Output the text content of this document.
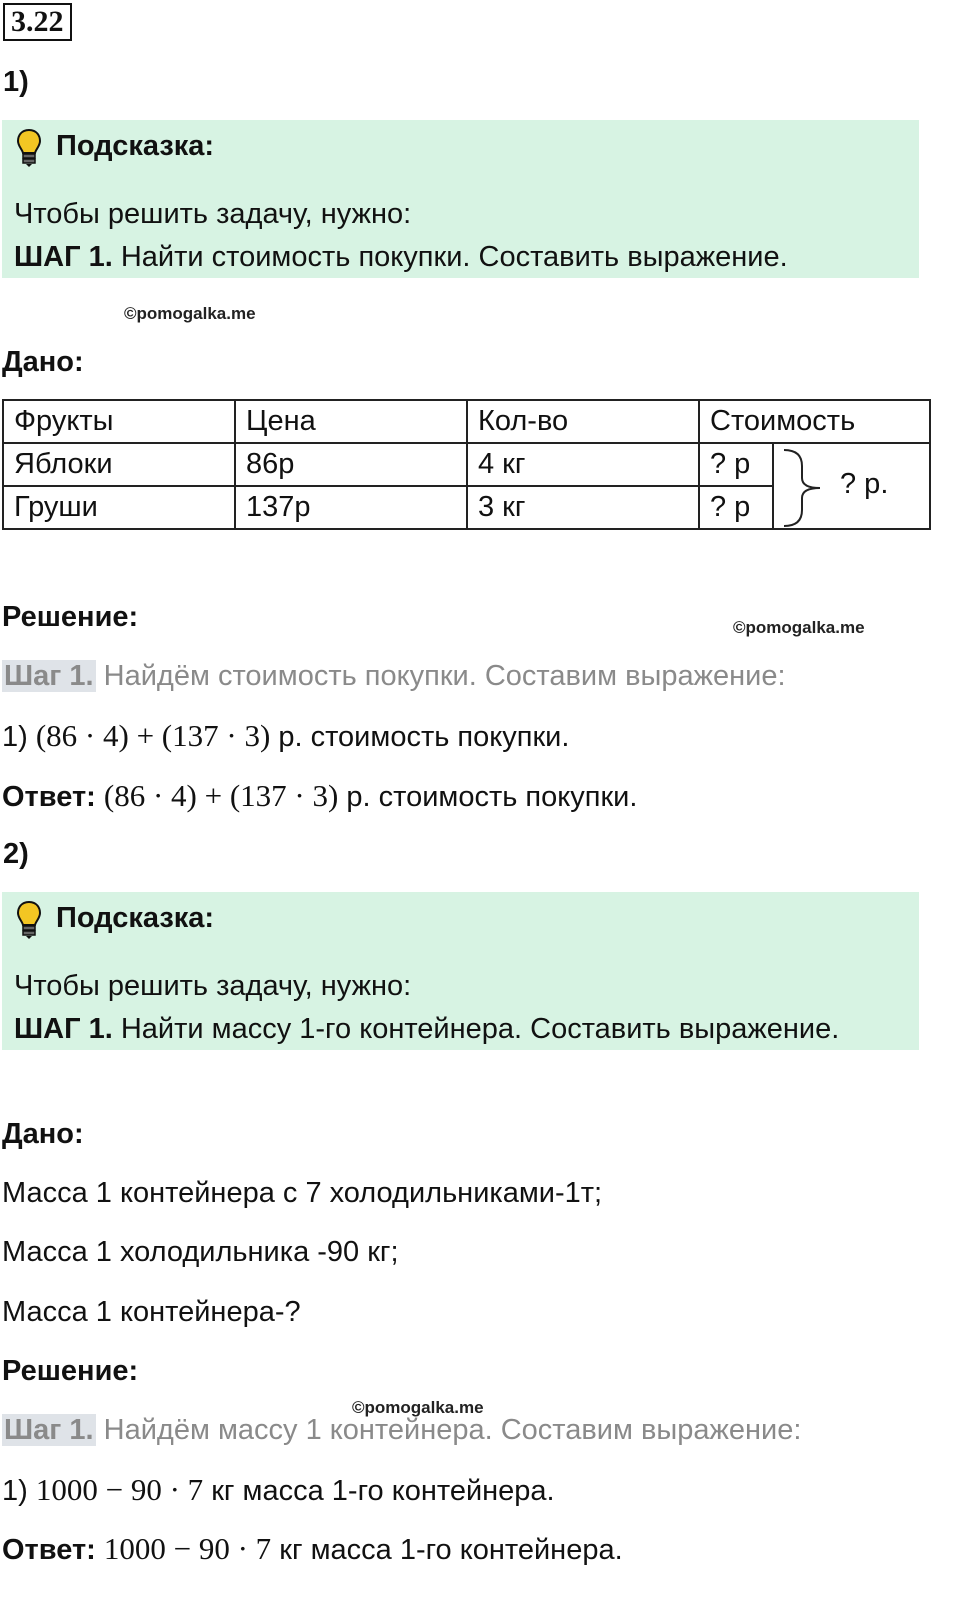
3.22
1)
Подсказка:
Чтобы решить задачу, нужно:
ШАГ 1. Найти стоимость покупки. Составить выражение.
©pomogalka.me
Дано:
Фрукты	Цена	Кол-во	Стоимость	
Яблоки	86р	4 кг	? р	? р.

Груши	137р	3 кг	? р	
Решение:	©pomogalka.me
Шаг 1. Найдём стоимость покупки. Составим выражение:
1) (86 · 4) + (137 · 3) р. стоимость покупки.
Ответ: (86 · 4) + (137 · 3) р. стоимость покупки.
2)
Подсказка:
Чтобы решить задачу, нужно:
ШАГ 1. Найти массу 1-го контейнера. Составить выражение.
Дано:
Масса 1 контейнера с 7 холодильниками-1т;
Масса 1 холодильника -90 кг;
Масса 1 контейнера-?
Решение:
©pomogalka.me
Шаг 1. Найдём массу 1 контейнера. Составим выражение:
1) 1000 − 90 · 7 кг масса 1-го контейнера.
Ответ: 1000 − 90 · 7 кг масса 1-го контейнера.
